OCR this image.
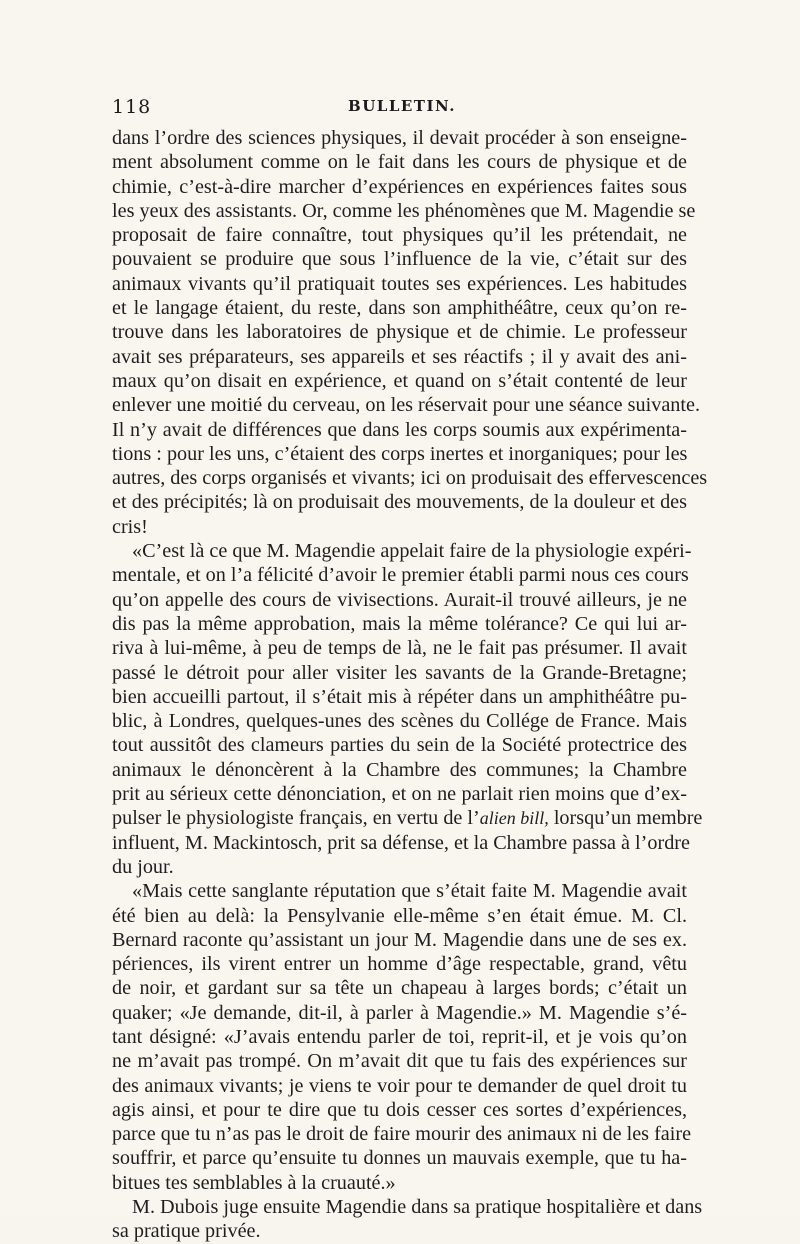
118	BULLETIN.
dans l’ordre des sciences physiques, il devait procéder à son enseigne-
ment absolument comme on le fait dans les cours de physique et de
chimie, c’est-à-dire marcher d’expériences en expériences faites sous
les yeux des assistants. Or, comme les phénomènes que M. Magendie se
proposait de faire connaître, tout physiques qu’il les prétendait, ne
pouvaient se produire que sous l’influence de la vie, c’était sur des
animaux vivants qu’il pratiquait toutes ses expériences. Les habitudes
et le langage étaient, du reste, dans son amphithéâtre, ceux qu’on re-
trouve dans les laboratoires de physique et de chimie. Le professeur
avait ses préparateurs, ses appareils et ses réactifs ; il y avait des ani-
maux qu’on disait en expérience, et quand on s’était contenté de leur
enlever une moitié du cerveau, on les réservait pour une séance suivante.
Il n’y avait de différences que dans les corps soumis aux expérimenta-
tions : pour les uns, c’étaient des corps inertes et inorganiques; pour les
autres, des corps organisés et vivants; ici on produisait des effervescences
et des précipités; là on produisait des mouvements, de la douleur et des
cris!
«C’est là ce que M. Magendie appelait faire de la physiologie expéri-
mentale, et on l’a félicité d’avoir le premier établi parmi nous ces cours
qu’on appelle des cours de vivisections. Aurait-il trouvé ailleurs, je ne
dis pas la même approbation, mais la même tolérance? Ce qui lui ar-
riva à lui-même, à peu de temps de là, ne le fait pas présumer. Il avait
passé le détroit pour aller visiter les savants de la Grande-Bretagne;
bien accueilli partout, il s’était mis à répéter dans un amphithéâtre pu-
blic, à Londres, quelques-unes des scènes du Collége de France. Mais
tout aussitôt des clameurs parties du sein de la Société protectrice des
animaux le dénoncèrent à la Chambre des communes; la Chambre
prit au sérieux cette dénonciation, et on ne parlait rien moins que d’ex-
pulser le physiologiste français, en vertu de l’alien bill, lorsqu’un membre
influent, M. Mackintosch, prit sa défense, et la Chambre passa à l’ordre
du jour.
«Mais cette sanglante réputation que s’était faite M. Magendie avait
été bien au delà: la Pensylvanie elle-même s’en était émue. M. Cl.
Bernard raconte qu’assistant un jour M. Magendie dans une de ses ex.
périences, ils virent entrer un homme d’âge respectable, grand, vêtu
de noir, et gardant sur sa tête un chapeau à larges bords; c’était un
quaker; «Je demande, dit-il, à parler à Magendie.» M. Magendie s’é-
tant désigné: «J’avais entendu parler de toi, reprit-il, et je vois qu’on
ne m’avait pas trompé. On m’avait dit que tu fais des expériences sur
des animaux vivants; je viens te voir pour te demander de quel droit tu
agis ainsi, et pour te dire que tu dois cesser ces sortes d’expériences,
parce que tu n’as pas le droit de faire mourir des animaux ni de les faire
souffrir, et parce qu’ensuite tu donnes un mauvais exemple, que tu ha-
bitues tes semblables à la cruauté.»
M. Dubois juge ensuite Magendie dans sa pratique hospitalière et dans
sa pratique privée.
